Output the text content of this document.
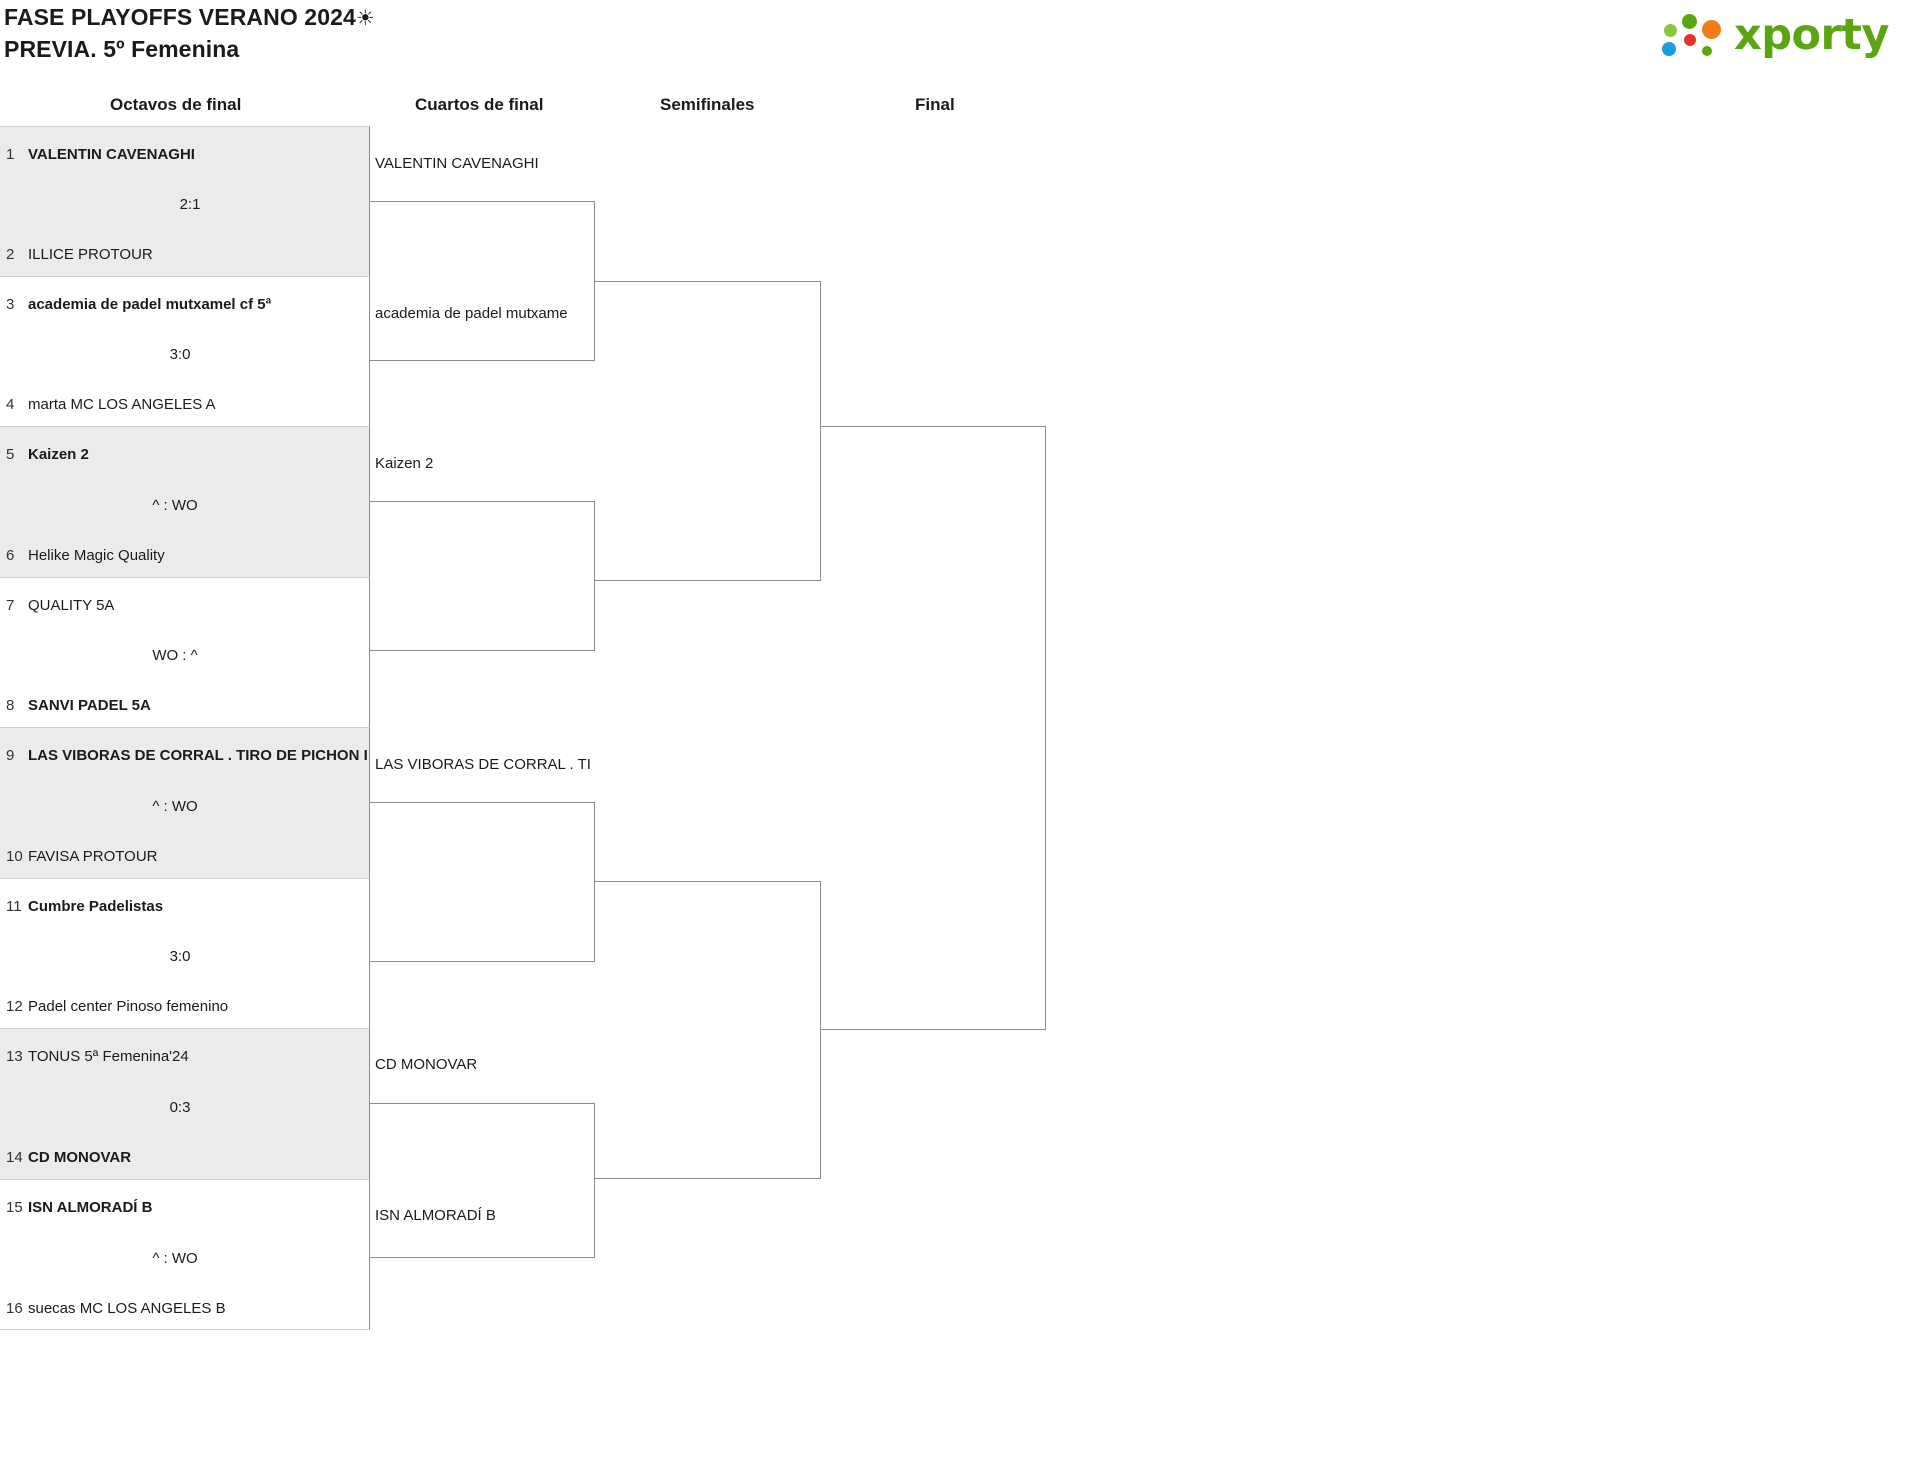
FASE PLAYOFFS VERANO 2024☀
PREVIA. 5º Femenina	xporty
Octavos de final	Cuartos de final	Semifinales	Final
1 VALENTIN CAVENAGHI
2:1
2 ILLICE PROTOUR
3 academia de padel mutxamel cf 5ª
3:0
4 marta MC LOS ANGELES A
5 Kaizen 2
^ : WO
6 Helike Magic Quality
7 QUALITY 5A
WO : ^
8 SANVI PADEL 5A
9 LAS VIBORAS DE CORRAL . TIRO DE PICHON I
^ : WO
10 FAVISA PROTOUR
11 Cumbre Padelistas
3:0
12 Padel center Pinoso femenino
13 TONUS 5ª Femenina'24
0:3
14 CD MONOVAR
15 ISN ALMORADÍ B
^ : WO
16 suecas MC LOS ANGELES B
VALENTIN CAVENAGHI
academia de padel mutxame
Kaizen 2
LAS VIBORAS DE CORRAL . TI
CD MONOVAR
ISN ALMORADÍ B
